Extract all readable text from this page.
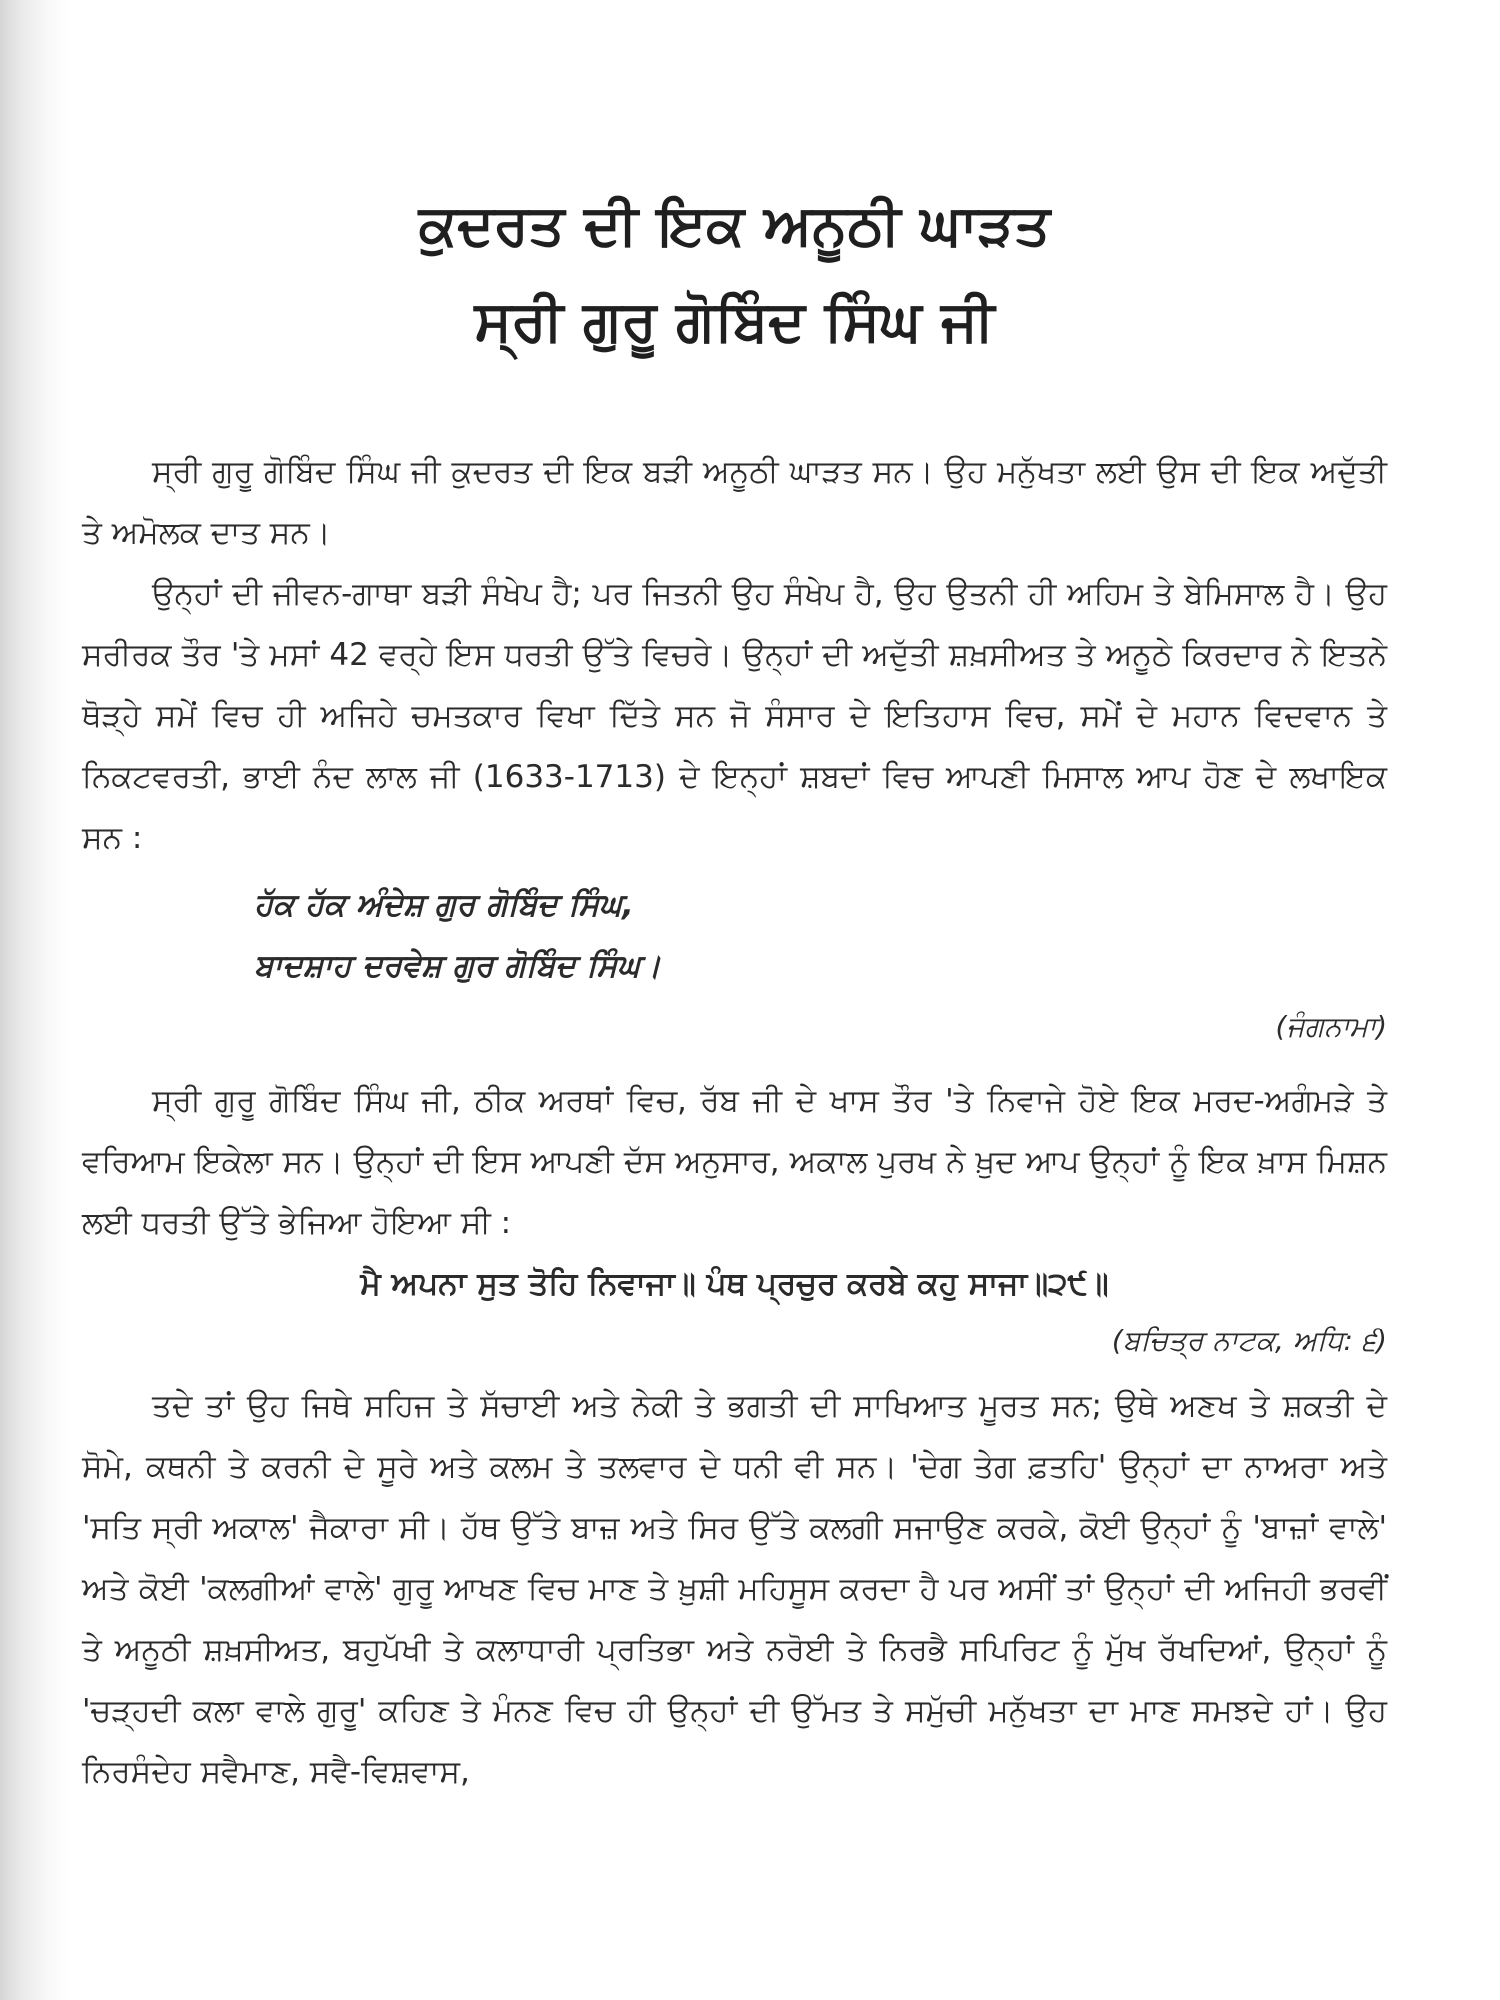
ਕੁਦਰਤ ਦੀ ਇਕ ਅਨੂਠੀ ਘਾੜਤ
ਸ੍ਰੀ ਗੁਰੂ ਗੋਬਿੰਦ ਸਿੰਘ ਜੀ

ਸ੍ਰੀ ਗੁਰੂ ਗੋਬਿੰਦ ਸਿੰਘ ਜੀ ਕੁਦਰਤ ਦੀ ਇਕ ਬੜੀ ਅਨੂਠੀ ਘਾੜਤ ਸਨ। ਉਹ ਮਨੁੱਖਤਾ ਲਈ ਉਸ ਦੀ ਇਕ ਅਦੁੱਤੀ ਤੇ ਅਮੋਲਕ ਦਾਤ ਸਨ।

ਉਨ੍ਹਾਂ ਦੀ ਜੀਵਨ-ਗਾਥਾ ਬੜੀ ਸੰਖੇਪ ਹੈ; ਪਰ ਜਿਤਨੀ ਉਹ ਸੰਖੇਪ ਹੈ, ਉਹ ਉਤਨੀ ਹੀ ਅਹਿਮ ਤੇ ਬੇਮਿਸਾਲ ਹੈ। ਉਹ ਸਰੀਰਕ ਤੌਰ 'ਤੇ ਮਸਾਂ 42 ਵਰ੍ਹੇ ਇਸ ਧਰਤੀ ਉੱਤੇ ਵਿਚਰੇ। ਉਨ੍ਹਾਂ ਦੀ ਅਦੁੱਤੀ ਸ਼ਖ਼ਸੀਅਤ ਤੇ ਅਨੂਠੇ ਕਿਰਦਾਰ ਨੇ ਇਤਨੇ ਥੋੜ੍ਹੇ ਸਮੇਂ ਵਿਚ ਹੀ ਅਜਿਹੇ ਚਮਤਕਾਰ ਵਿਖਾ ਦਿੱਤੇ ਸਨ ਜੋ ਸੰਸਾਰ ਦੇ ਇਤਿਹਾਸ ਵਿਚ, ਸਮੇਂ ਦੇ ਮਹਾਨ ਵਿਦਵਾਨ ਤੇ ਨਿਕਟਵਰਤੀ, ਭਾਈ ਨੰਦ ਲਾਲ ਜੀ (1633-1713) ਦੇ ਇਨ੍ਹਾਂ ਸ਼ਬਦਾਂ ਵਿਚ ਆਪਣੀ ਮਿਸਾਲ ਆਪ ਹੋਣ ਦੇ ਲਖਾਇਕ ਸਨ :

ਹੱਕ ਹੱਕ ਅੰਦੇਸ਼ ਗੁਰ ਗੋਬਿੰਦ ਸਿੰਘ,

ਬਾਦਸ਼ਾਹ ਦਰਵੇਸ਼ ਗੁਰ ਗੋਬਿੰਦ ਸਿੰਘ।

(ਜੰਗਨਾਮਾ)

ਸ੍ਰੀ ਗੁਰੂ ਗੋਬਿੰਦ ਸਿੰਘ ਜੀ, ਠੀਕ ਅਰਥਾਂ ਵਿਚ, ਰੱਬ ਜੀ ਦੇ ਖਾਸ ਤੌਰ 'ਤੇ ਨਿਵਾਜੇ ਹੋਏ ਇਕ ਮਰਦ-ਅਗੰਮੜੇ ਤੇ ਵਰਿਆਮ ਇਕੇਲਾ ਸਨ। ਉਨ੍ਹਾਂ ਦੀ ਇਸ ਆਪਣੀ ਦੱਸ ਅਨੁਸਾਰ, ਅਕਾਲ ਪੁਰਖ ਨੇ ਖ਼ੁਦ ਆਪ ਉਨ੍ਹਾਂ ਨੂੰ ਇਕ ਖ਼ਾਸ ਮਿਸ਼ਨ ਲਈ ਧਰਤੀ ਉੱਤੇ ਭੇਜਿਆ ਹੋਇਆ ਸੀ :

ਮੈ ਅਪਨਾ ਸੁਤ ਤੋਹਿ ਨਿਵਾਜਾ॥ ਪੰਥ ਪ੍ਰਚੁਰ ਕਰਬੇ ਕਹੁ ਸਾਜਾ॥੨੯॥

(ਬਚਿਤ੍ਰ ਨਾਟਕ, ਅਧਿ: ੬)

ਤਦੇ ਤਾਂ ਉਹ ਜਿਥੇ ਸਹਿਜ ਤੇ ਸੱਚਾਈ ਅਤੇ ਨੇਕੀ ਤੇ ਭਗਤੀ ਦੀ ਸਾਖਿਆਤ ਮੂਰਤ ਸਨ; ਉਥੇ ਅਣਖ ਤੇ ਸ਼ਕਤੀ ਦੇ ਸੋਮੇ, ਕਥਨੀ ਤੇ ਕਰਨੀ ਦੇ ਸੂਰੇ ਅਤੇ ਕਲਮ ਤੇ ਤਲਵਾਰ ਦੇ ਧਨੀ ਵੀ ਸਨ। 'ਦੇਗ ਤੇਗ ਫ਼ਤਹਿ' ਉਨ੍ਹਾਂ ਦਾ ਨਾਅਰਾ ਅਤੇ 'ਸਤਿ ਸ੍ਰੀ ਅਕਾਲ' ਜੈਕਾਰਾ ਸੀ। ਹੱਥ ਉੱਤੇ ਬਾਜ਼ ਅਤੇ ਸਿਰ ਉੱਤੇ ਕਲਗੀ ਸਜਾਉਣ ਕਰਕੇ, ਕੋਈ ਉਨ੍ਹਾਂ ਨੂੰ 'ਬਾਜ਼ਾਂ ਵਾਲੇ' ਅਤੇ ਕੋਈ 'ਕਲਗੀਆਂ ਵਾਲੇ' ਗੁਰੂ ਆਖਣ ਵਿਚ ਮਾਣ ਤੇ ਖ਼ੁਸ਼ੀ ਮਹਿਸੂਸ ਕਰਦਾ ਹੈ ਪਰ ਅਸੀਂ ਤਾਂ ਉਨ੍ਹਾਂ ਦੀ ਅਜਿਹੀ ਭਰਵੀਂ ਤੇ ਅਨੂਠੀ ਸ਼ਖ਼ਸੀਅਤ, ਬਹੁਪੱਖੀ ਤੇ ਕਲਾਧਾਰੀ ਪ੍ਰਤਿਭਾ ਅਤੇ ਨਰੋਈ ਤੇ ਨਿਰਭੈ ਸਪਿਰਿਟ ਨੂੰ ਮੁੱਖ ਰੱਖਦਿਆਂ, ਉਨ੍ਹਾਂ ਨੂੰ 'ਚੜ੍ਹਦੀ ਕਲਾ ਵਾਲੇ ਗੁਰੂ' ਕਹਿਣ ਤੇ ਮੰਨਣ ਵਿਚ ਹੀ ਉਨ੍ਹਾਂ ਦੀ ਉੱਮਤ ਤੇ ਸਮੁੱਚੀ ਮਨੁੱਖਤਾ ਦਾ ਮਾਣ ਸਮਝਦੇ ਹਾਂ। ਉਹ ਨਿਰਸੰਦੇਹ ਸਵੈਮਾਣ, ਸਵੈ-ਵਿਸ਼ਵਾਸ,
